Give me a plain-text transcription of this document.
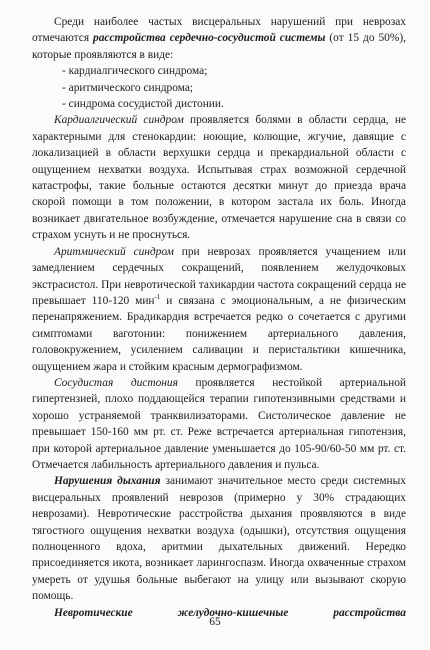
Среди наиболее частых висцеральных нарушений при неврозах отмечаются расстройства сердечно-сосудистой системы (от 15 до 50%), которые проявляются в виде:

- кардиалгического синдрома;
- аритмического синдрома;
- синдрома сосудистой дистонии.

Кардиалгический синдром проявляется болями в области сердца, не характерными для стенокардии: ноющие, колющие, жгучие, давящие с локализацией в области верхушки сердца и прекардиальной области с ощущением нехватки воздуха. Испытывая страх возможной сердечной катастрофы, такие больные остаются десятки минут до приезда врача скорой помощи в том положении, в котором застала их боль. Иногда возникает двигательное возбуждение, отмечается нарушение сна в связи со страхом уснуть и не проснуться.

Аритмический синдром при неврозах проявляется учащением или замедлением сердечных сокращений, появлением желудочковых экстрасистол. При невротической тахикардии частота сокращений сердца не превышает 110-120 мин$^{-1}$ и связана с эмоциональным, а не физическим перенапряжением. Брадикардия встречается редко о сочетается с другими симптомами ваготонии: понижением артериального давления, головокружением, усилением саливации и перистальтики кишечника, ощущением жара и стойким красным дермографизмом.

Сосудистая дистония проявляется нестойкой артериальной гипертензией, плохо поддающейся терапии гипотензивными средствами и хорошо устраняемой транквилизаторами. Систолическое давление не превышает 150-160 мм рт. ст. Реже встречается артериальная гипотензия, при которой артериальное давление уменьшается до 105-90/60-50 мм рт. ст. Отмечается лабильность артериального давления и пульса.

Нарушения дыхания занимают значительное место среди системных висцеральных проявлений неврозов (примерно у 30% страдающих неврозами). Невротические расстройства дыхания проявляются в виде тягостного ощущения нехватки воздуха (одышки), отсутствия ощущения полноценного вдоха, аритмии дыхательных движений. Нередко присоединяется икота, возникает ларингоспазм. Иногда охваченные страхом умереть от удушья больные выбегают на улицу или вызывают скорую помощь.

Невротические	желудочно-кишечные	расстройства

65
